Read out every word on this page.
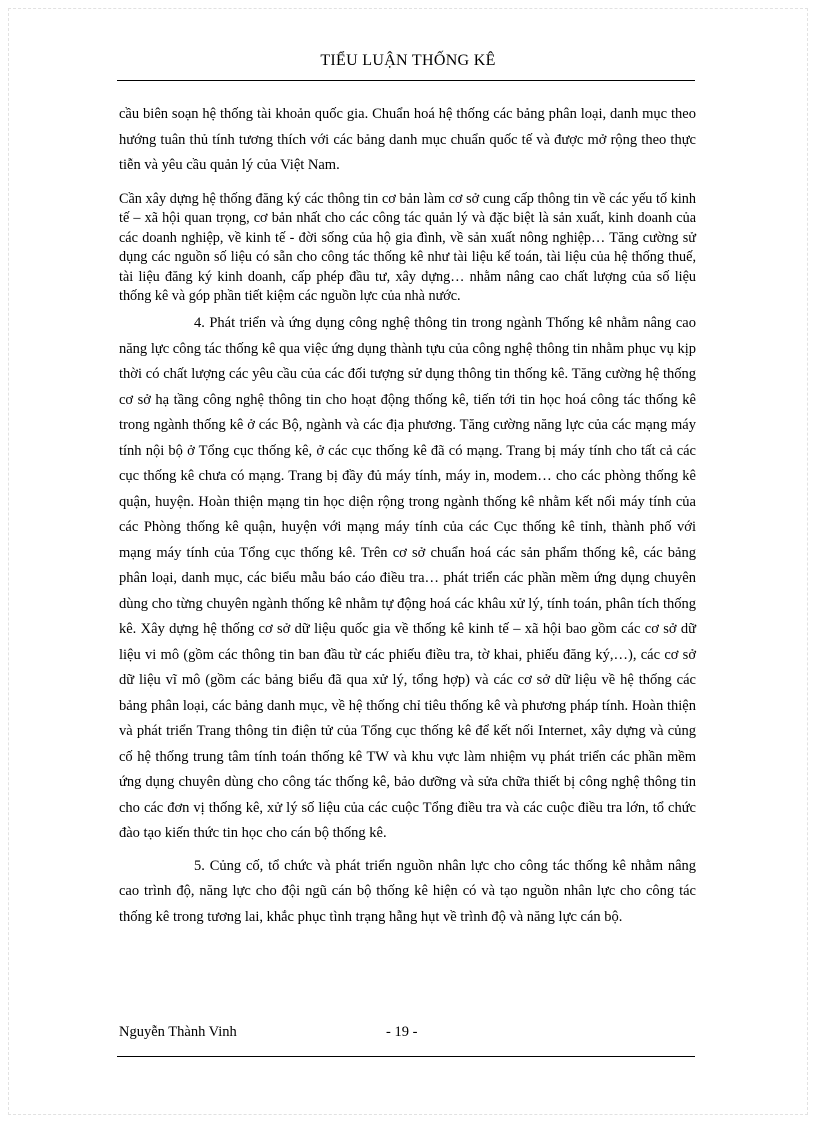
TIỂU LUẬN THỐNG KÊ

cầu biên soạn hệ thống tài khoản quốc gia. Chuẩn hoá hệ thống các bảng phân loại, danh mục theo hướng tuân thủ tính tương thích với các bảng danh mục chuẩn quốc tế và được mở rộng theo thực tiễn và yêu cầu quản lý của Việt Nam.

Cần xây dựng hệ thống đăng ký các thông tin cơ bản làm cơ sở cung cấp thông tin về các yếu tố kinh tế – xã hội quan trọng, cơ bản nhất cho các công tác quản lý và đặc biệt là sản xuất, kinh doanh của các doanh nghiệp, về kinh tế - đời sống của hộ gia đình, về sản xuất nông nghiệp… Tăng cường sử dụng các nguồn số liệu có sẵn cho công tác thống kê như tài liệu kế toán, tài liệu của hệ thống thuế, tài liệu đăng ký kinh doanh, cấp phép đầu tư, xây dựng… nhằm nâng cao chất lượng của số liệu thống kê và góp phần tiết kiệm các nguồn lực của nhà nước.

4. Phát triển và ứng dụng công nghệ thông tin trong ngành Thống kê nhằm nâng cao năng lực công tác thống kê qua việc ứng dụng thành tựu của công nghệ thông tin nhằm phục vụ kịp thời có chất lượng các yêu cầu của các đối tượng sử dụng thông tin thống kê. Tăng cường hệ thống cơ sở hạ tầng công nghệ thông tin cho hoạt động thống kê, tiến tới tin học hoá công tác thống kê trong ngành thống kê ở các Bộ, ngành và các địa phương. Tăng cường năng lực của các mạng máy tính nội bộ ở Tổng cục thống kê, ở các cục thống kê đã có mạng. Trang bị máy tính cho tất cả các cục thống kê chưa có mạng. Trang bị đầy đủ máy tính, máy in, modem… cho các phòng thống kê quận, huyện. Hoàn thiện mạng tin học diện rộng trong ngành thống kê nhằm kết nối máy tính của các Phòng thống kê quận, huyện với mạng máy tính của các Cục thống kê tỉnh, thành phố với mạng máy tính của Tổng cục thống kê. Trên cơ sở chuẩn hoá các sản phẩm thống kê, các bảng phân loại, danh mục, các biểu mẫu báo cáo điều tra… phát triển các phần mềm ứng dụng chuyên dùng cho từng chuyên ngành thống kê nhằm tự động hoá các khâu xử lý, tính toán, phân tích thống kê. Xây dựng hệ thống cơ sở dữ liệu quốc gia về thống kê kinh tế – xã hội bao gồm các cơ sở dữ liệu vi mô (gồm các thông tin ban đầu từ các phiếu điều tra, tờ khai, phiếu đăng ký,…), các cơ sở dữ liệu vĩ mô (gồm các bảng biểu đã qua xử lý, tổng hợp) và các cơ sở dữ liệu về hệ thống các bảng phân loại, các bảng danh mục, về hệ thống chỉ tiêu thống kê và phương pháp tính. Hoàn thiện và phát triển Trang thông tin điện tử của Tổng cục thống kê để kết nối Internet, xây dựng và củng cố hệ thống trung tâm tính toán thống kê TW và khu vực làm nhiệm vụ phát triển các phần mềm ứng dụng chuyên dùng cho công tác thống kê, bảo dưỡng và sửa chữa thiết bị công nghệ thông tin cho các đơn vị thống kê, xử lý số liệu của các cuộc Tổng điều tra và các cuộc điều tra lớn, tổ chức đào tạo kiến thức tin học cho cán bộ thống kê.

5. Củng cố, tổ chức và phát triển nguồn nhân lực cho công tác thống kê nhằm nâng cao trình độ, năng lực cho đội ngũ cán bộ thống kê hiện có và tạo nguồn nhân lực cho công tác thống kê trong tương lai, khắc phục tình trạng hẫng hụt về trình độ và năng lực cán bộ.

Nguyễn Thành Vinh	- 19 -
